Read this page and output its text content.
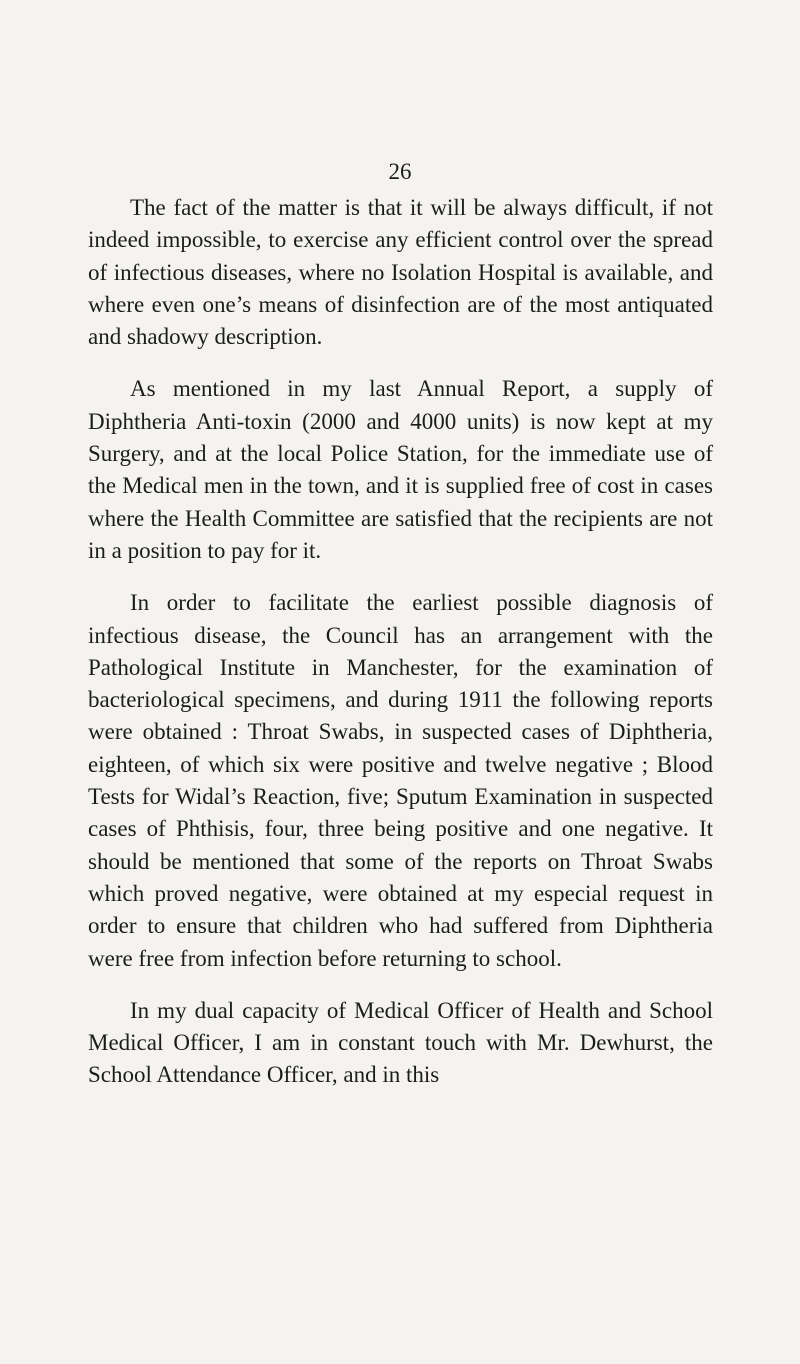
26

The fact of the matter is that it will be always difficult, if not indeed impossible, to exercise any efficient control over the spread of infectious diseases, where no Isolation Hospital is available, and where even one’s means of disinfection are of the most antiquated and shadowy description.

As mentioned in my last Annual Report, a supply of Diphtheria Anti-toxin (2000 and 4000 units) is now kept at my Surgery, and at the local Police Station, for the immediate use of the Medical men in the town, and it is supplied free of cost in cases where the Health Committee are satisfied that the recipients are not in a position to pay for it.

In order to facilitate the earliest possible diagnosis of infectious disease, the Council has an arrangement with the Pathological Institute in Manchester, for the examination of bacteriological specimens, and during 1911 the following reports were obtained : Throat Swabs, in suspected cases of Diphtheria, eighteen, of which six were positive and twelve negative ; Blood Tests for Widal’s Reaction, five; Sputum Examination in suspected cases of Phthisis, four, three being positive and one negative. It should be mentioned that some of the reports on Throat Swabs which proved negative, were obtained at my especial request in order to ensure that children who had suffered from Diphtheria were free from infection before returning to school.

In my dual capacity of Medical Officer of Health and School Medical Officer, I am in constant touch with Mr. Dewhurst, the School Attendance Officer, and in this
